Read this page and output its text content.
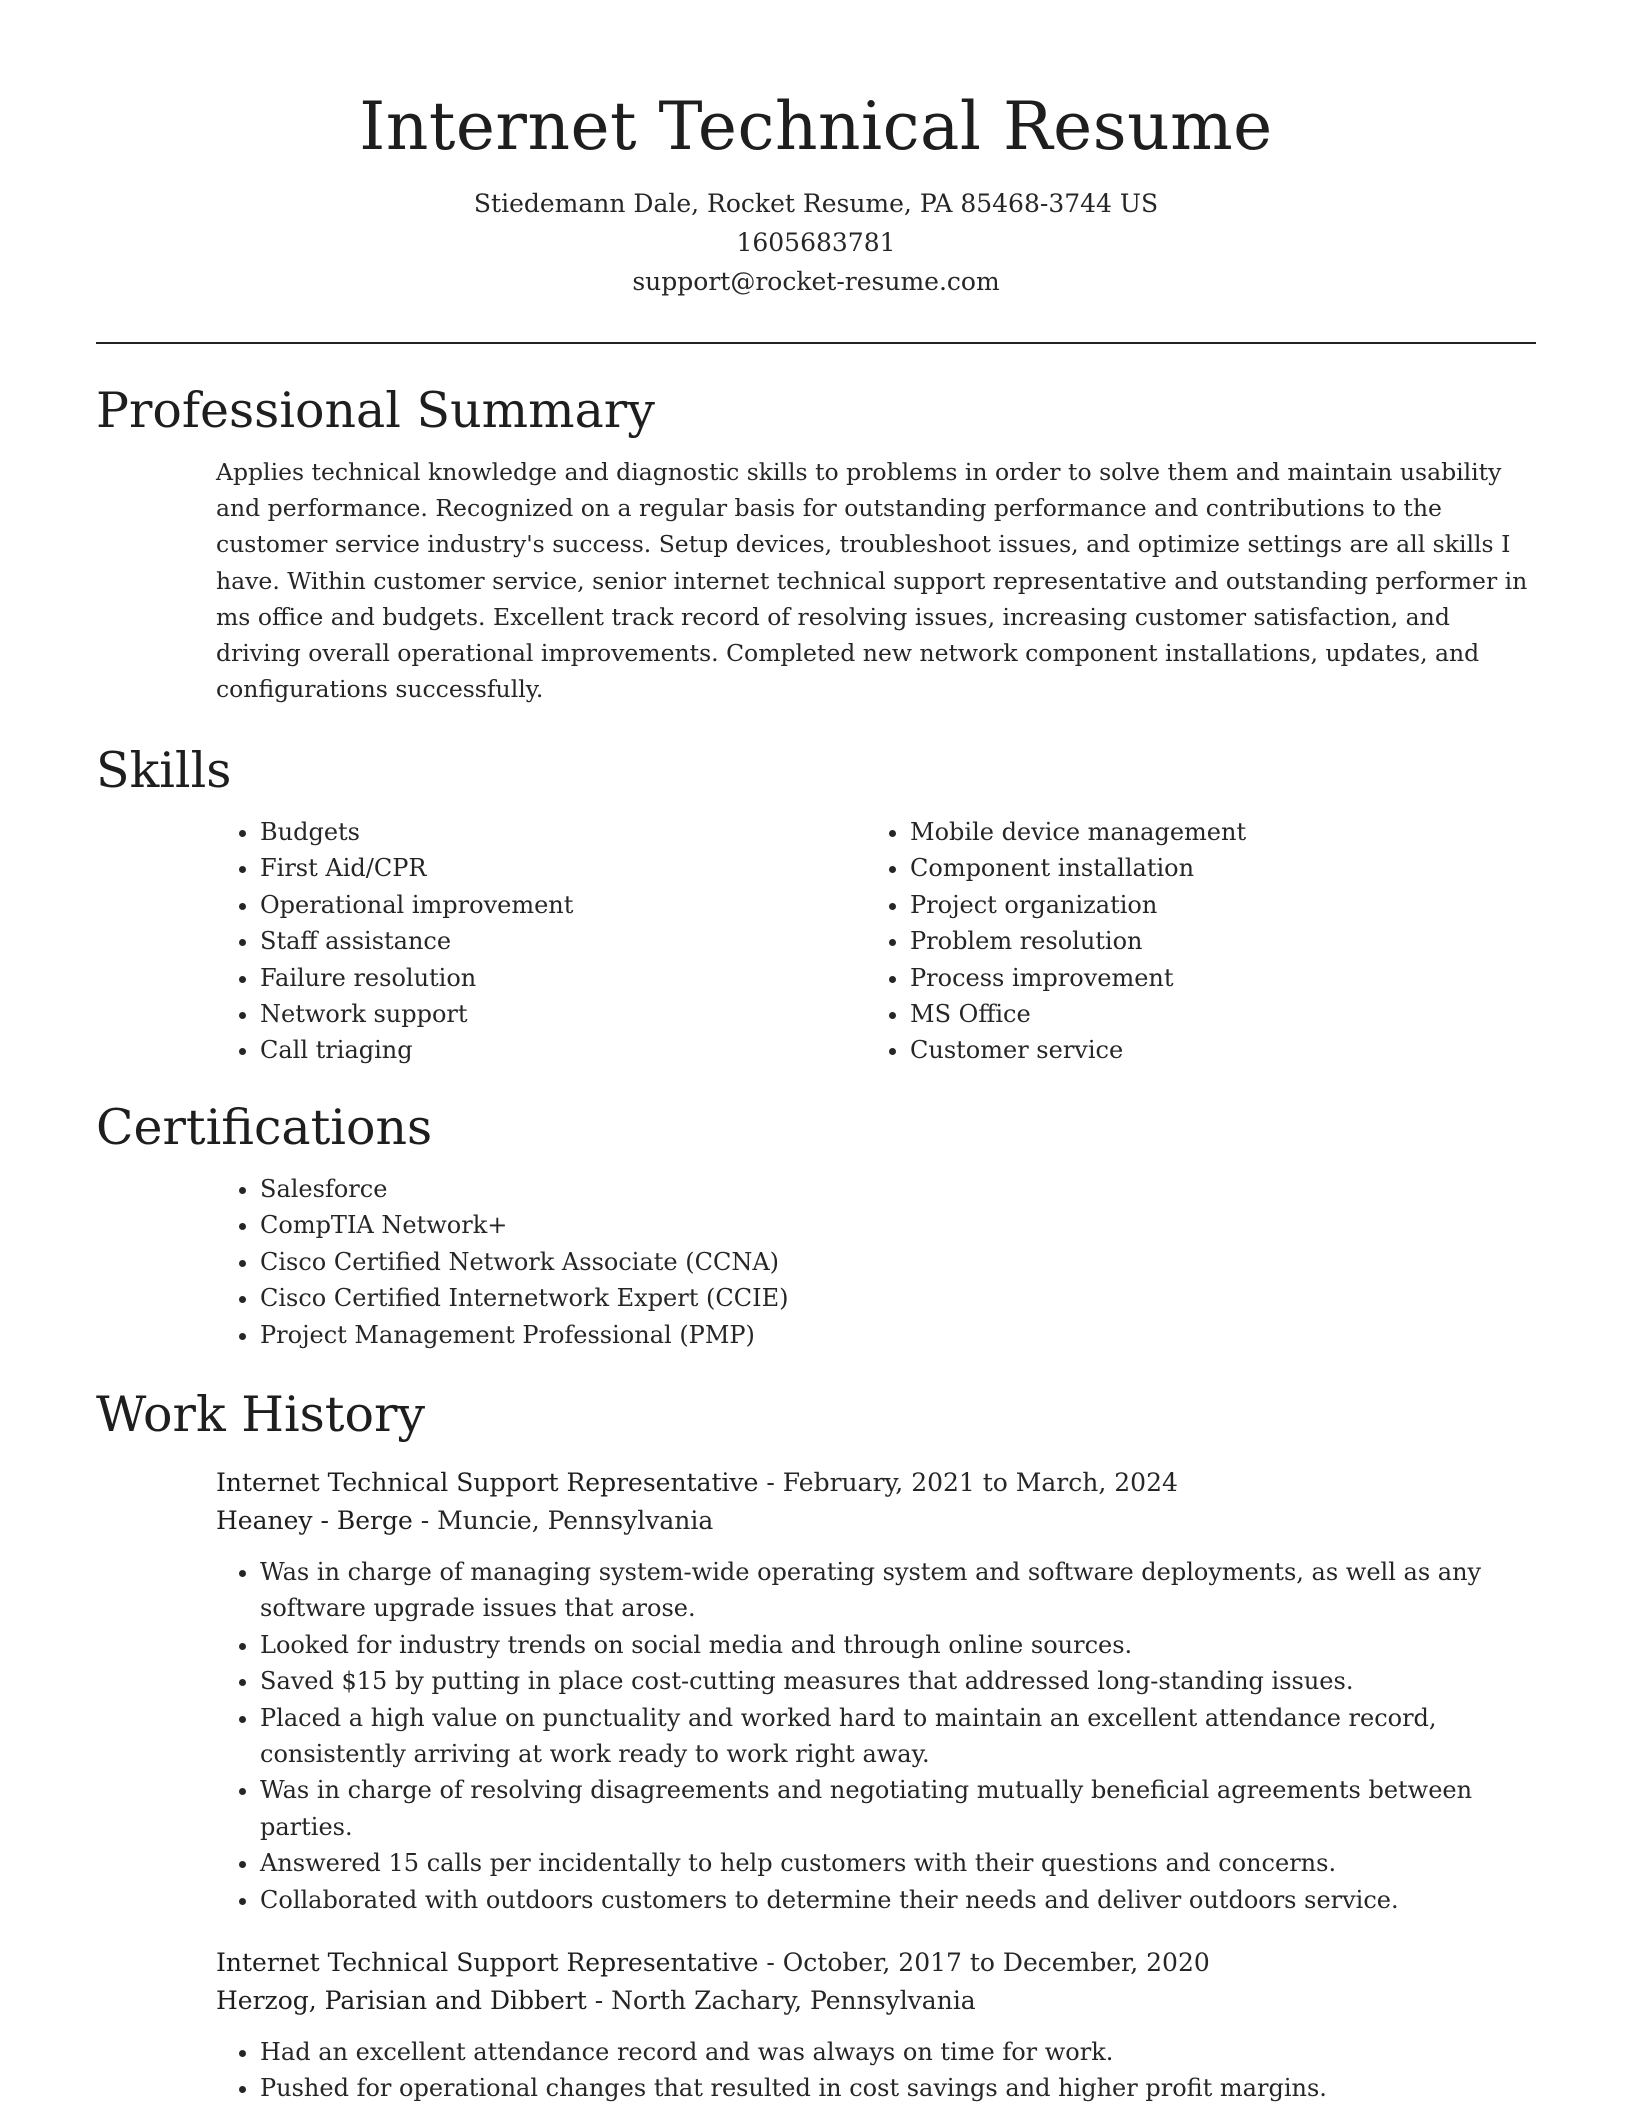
Internet Technical Resume
Stiedemann Dale, Rocket Resume, PA 85468-3744 US
1605683781
support@rocket-resume.com
Professional Summary

Applies technical knowledge and diagnostic skills to problems in order to solve them and maintain usability and performance. Recognized on a regular basis for outstanding performance and contributions to the customer service industry's success. Setup devices, troubleshoot issues, and optimize settings are all skills I have. Within customer service, senior internet technical support representative and outstanding performer in ms office and budgets. Excellent track record of resolving issues, increasing customer satisfaction, and driving overall operational improvements. Completed new network component installations, updates, and configurations successfully.

Skills
• Budgets
• First Aid/CPR
• Operational improvement
• Staff assistance
• Failure resolution
• Network support
• Call triaging
• Mobile device management
• Component installation
• Project organization
• Problem resolution
• Process improvement
• MS Office
• Customer service
Certifications
• Salesforce
• CompTIA Network+
• Cisco Certified Network Associate (CCNA)
• Cisco Certified Internetwork Expert (CCIE)
• Project Management Professional (PMP)
Work History
Internet Technical Support Representative - February, 2021 to March, 2024
Heaney - Berge - Muncie, Pennsylvania
• Was in charge of managing system-wide operating system and software deployments, as well as any software upgrade issues that arose.
• Looked for industry trends on social media and through online sources.
• Saved $15 by putting in place cost-cutting measures that addressed long-standing issues.
• Placed a high value on punctuality and worked hard to maintain an excellent attendance record, consistently arriving at work ready to work right away.
• Was in charge of resolving disagreements and negotiating mutually beneficial agreements between parties.
• Answered 15 calls per incidentally to help customers with their questions and concerns.
• Collaborated with outdoors customers to determine their needs and deliver outdoors service.
Internet Technical Support Representative - October, 2017 to December, 2020
Herzog, Parisian and Dibbert - North Zachary, Pennsylvania
• Had an excellent attendance record and was always on time for work.
• Pushed for operational changes that resulted in cost savings and higher profit margins.
